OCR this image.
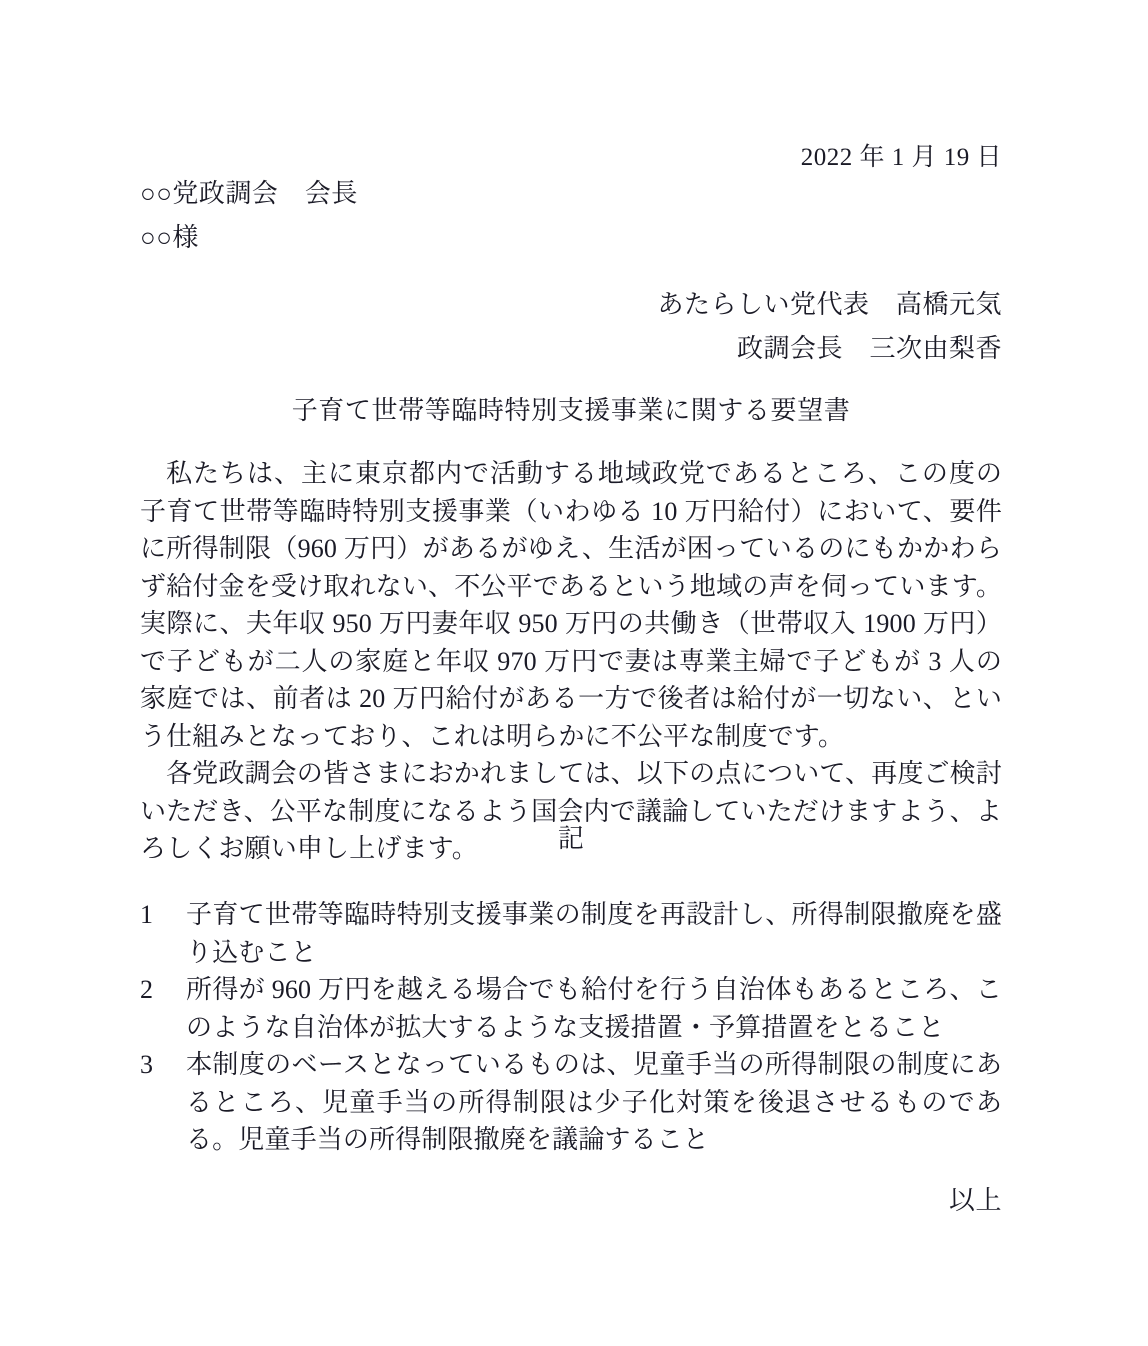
2022 年 1 月 19 日
○○党政調会　会長
○○様
あたらしい党代表　高橋元気
政調会長　三次由梨香
子育て世帯等臨時特別支援事業に関する要望書

私たちは、主に東京都内で活動する地域政党であるところ、この度の子育て世帯等臨時特別支援事業（いわゆる 10 万円給付）において、要件に所得制限（960 万円）があるがゆえ、生活が困っているのにもかかわらず給付金を受け取れない、不公平であるという地域の声を伺っています。実際に、夫年収 950 万円妻年収 950 万円の共働き（世帯収入 1900 万円）で子どもが二人の家庭と年収 970 万円で妻は専業主婦で子どもが 3 人の家庭では、前者は 20 万円給付がある一方で後者は給付が一切ない、という仕組みとなっており、これは明らかに不公平な制度です。

各党政調会の皆さまにおかれましては、以下の点について、再度ご検討いただき、公平な制度になるよう国会内で議論していただけますよう、よろしくお願い申し上げます。	記
1	子育て世帯等臨時特別支援事業の制度を再設計し、所得制限撤廃を盛り込むこと
2	所得が 960 万円を越える場合でも給付を行う自治体もあるところ、このような自治体が拡大するような支援措置・予算措置をとること
3	本制度のベースとなっているものは、児童手当の所得制限の制度にあるところ、児童手当の所得制限は少子化対策を後退させるものである。児童手当の所得制限撤廃を議論すること
以上
